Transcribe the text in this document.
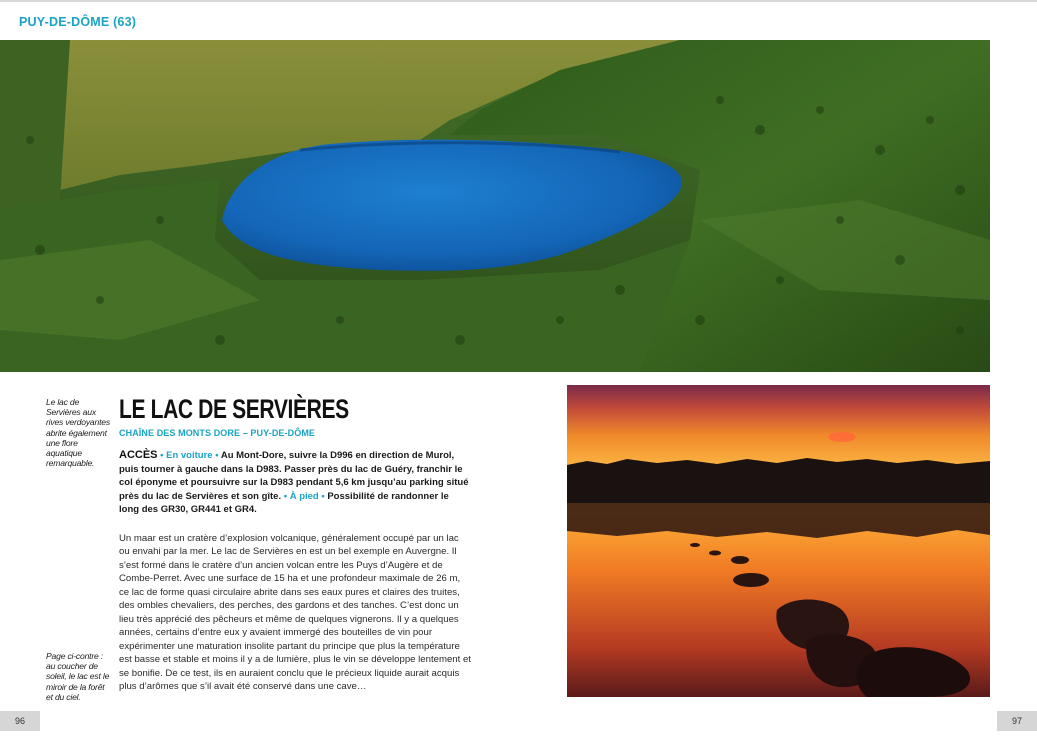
PUY-DE-DÔME (63)
Le lac de Servières aux rives verdoyantes abrite également une flore aquatique remarquable.
Page ci-contre : au coucher de soleil, le lac est le miroir de la forêt et du ciel.
LE LAC DE SERVIÈRES
CHAÎNE DES MONTS DORE – PUY-DE-DÔME
ACCÈS • En voiture • Au Mont-Dore, suivre la D996 en direction de Murol, puis tourner à gauche dans la D983. Passer près du lac de Guéry, franchir le col éponyme et poursuivre sur la D983 pendant 5,6 km jusqu’au parking situé près du lac de Servières et son gîte. • À pied • Possibilité de randonner le long des GR30, GR441 et GR4.
Un maar est un cratère d’explosion volcanique, généralement occupé par un lac ou envahi par la mer. Le lac de Servières en est un bel exemple en Auvergne. Il s’est formé dans le cratère d’un ancien volcan entre les Puys d’Augère et de Combe-Perret. Avec une surface de 15 ha et une profondeur maximale de 26 m, ce lac de forme quasi circulaire abrite dans ses eaux pures et claires des truites, des ombles chevaliers, des perches, des gardons et des tanches. C’est donc un lieu très apprécié des pêcheurs et même de quelques vignerons. Il y a quelques années, certains d’entre eux y avaient immergé des bouteilles de vin pour expérimenter une maturation insolite partant du principe que plus la température est basse et stable et moins il y a de lumière, plus le vin se développe lentement et se bonifie. De ce test, ils en auraient conclu que le précieux liquide aurait acquis plus d’arômes que s’il avait été conservé dans une cave…
96	97
